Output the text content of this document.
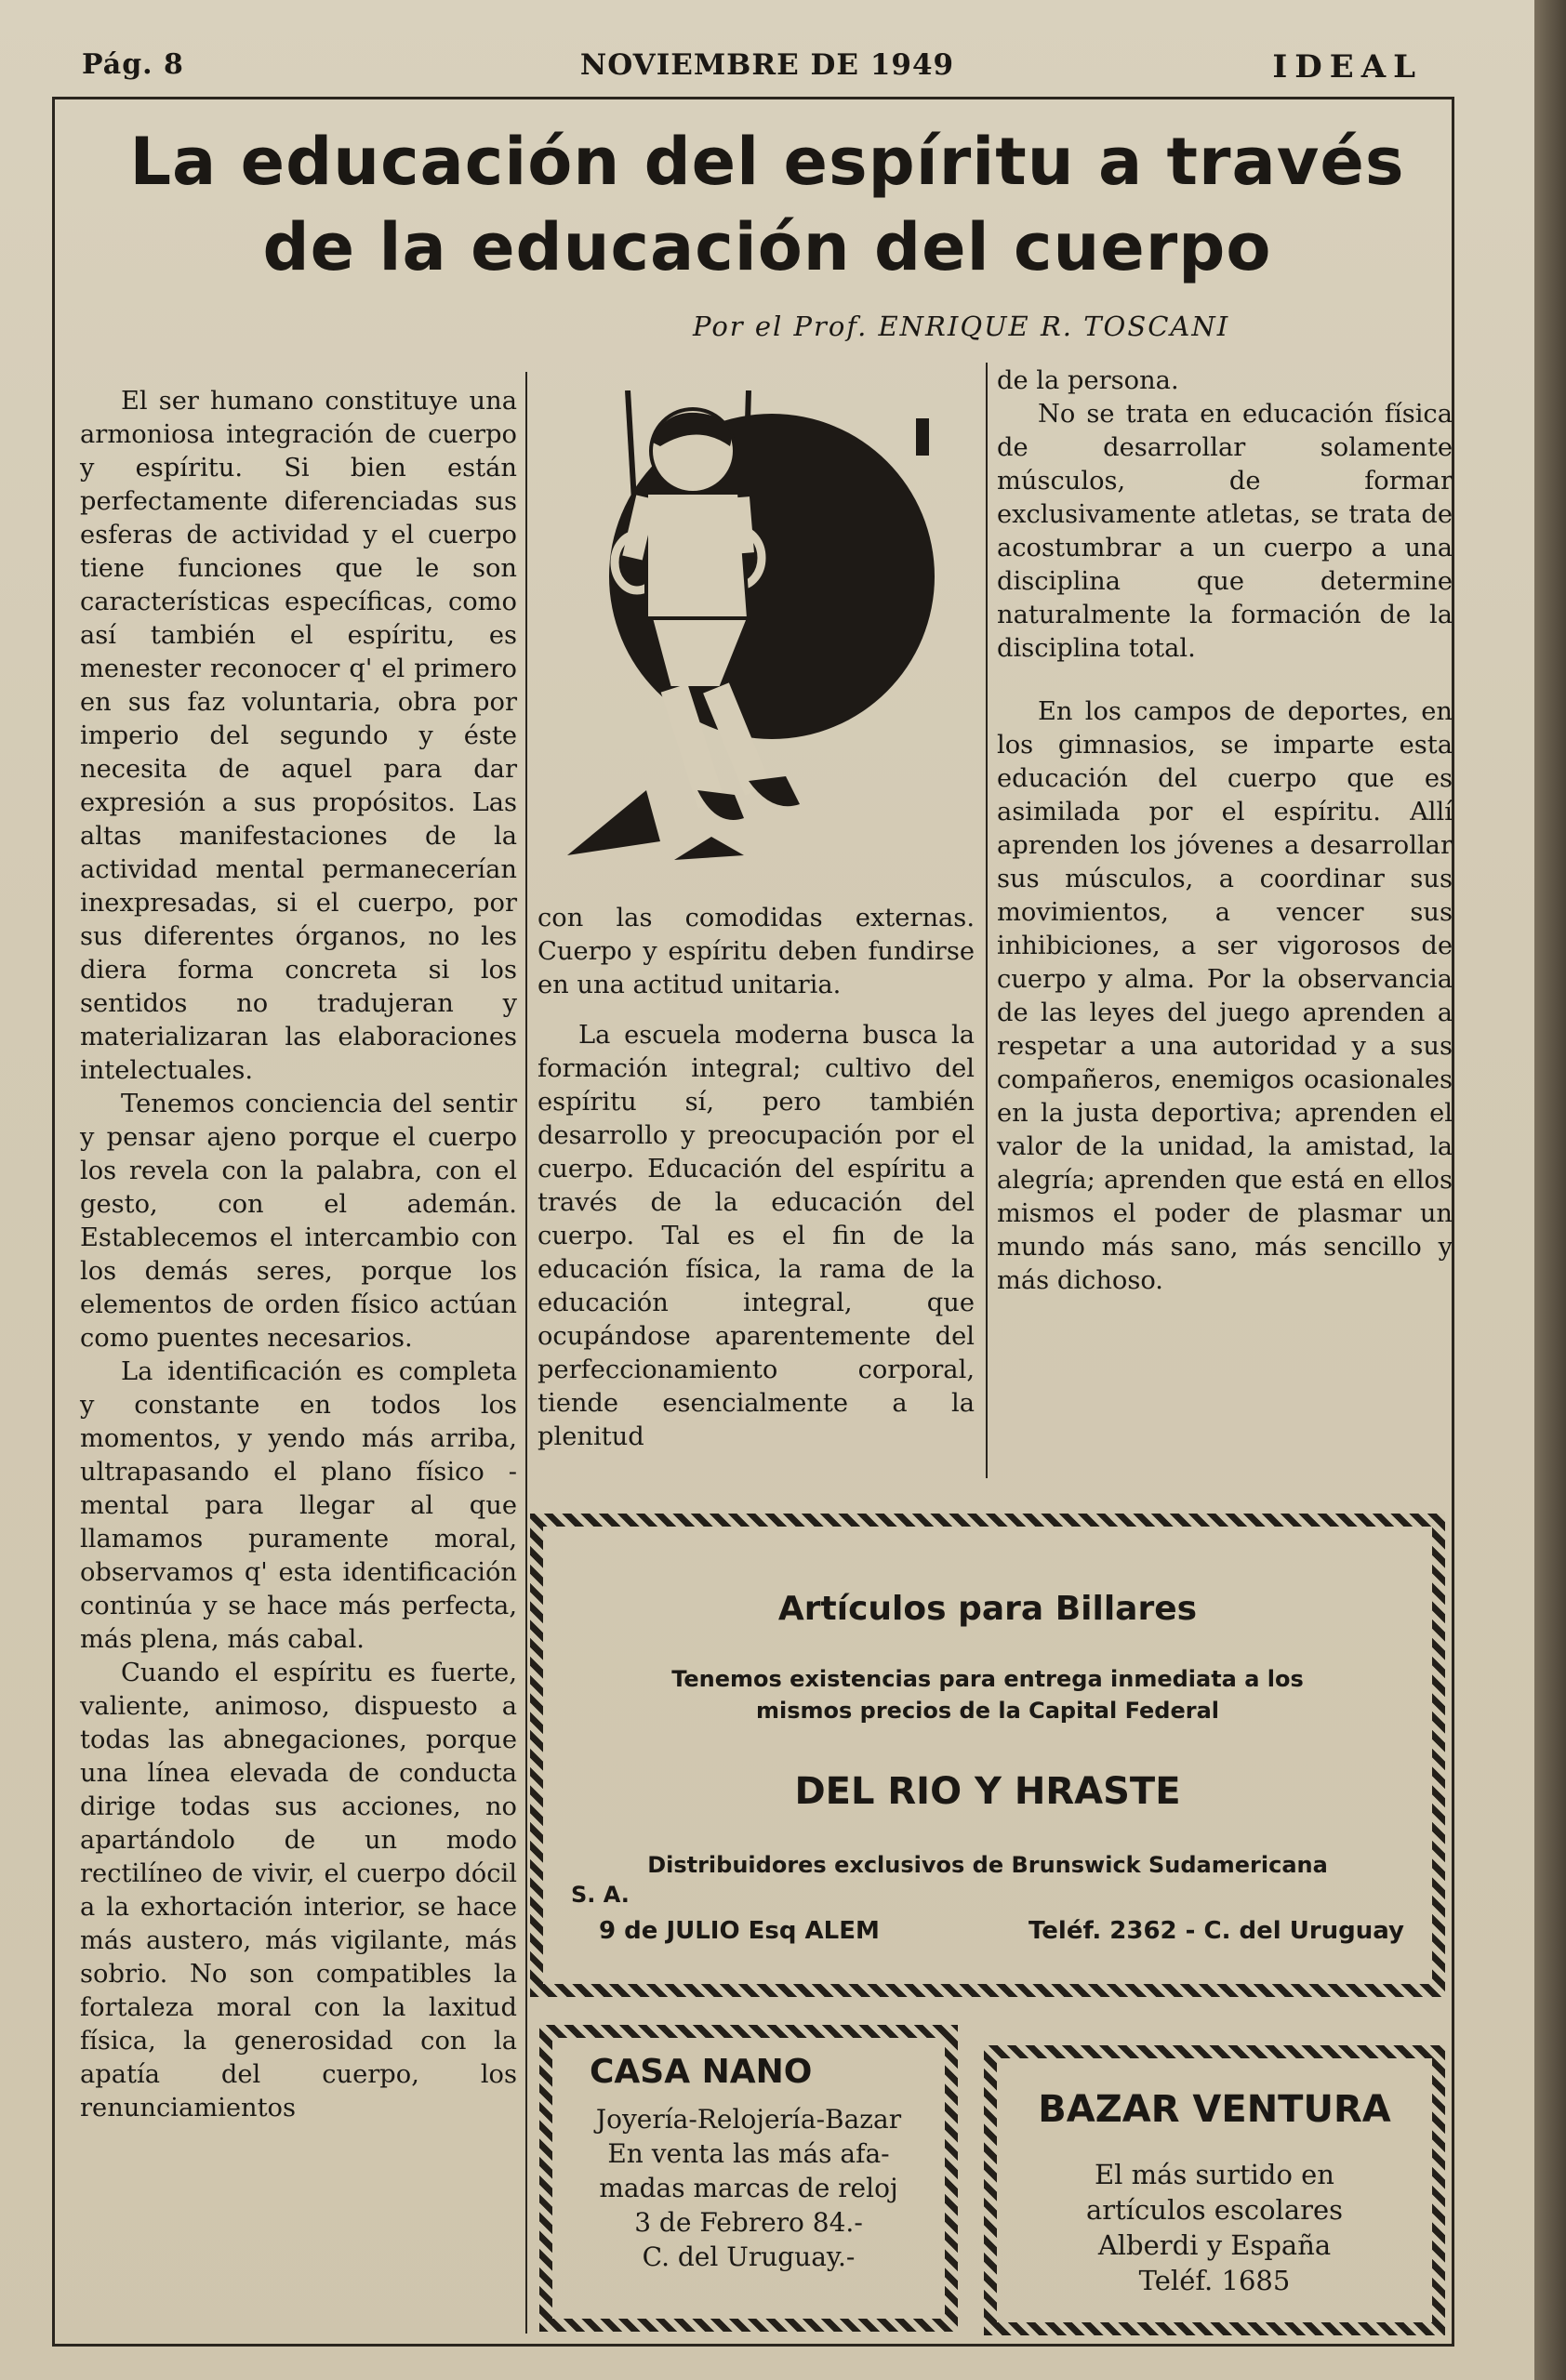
Pág. 8	NOVIEMBRE DE 1949	IDEAL
La educación del espíritu a través
de la educación del cuerpo
Por el Prof. ENRIQUE R. TOSCANI

El ser humano constituye una armoniosa integración de cuerpo y espíritu. Si bien están perfectamente diferenciadas sus esferas de actividad y el cuerpo tiene funciones que le son características específicas, como así también el espíritu, es menester reconocer q' el primero en sus faz voluntaria, obra por imperio del segundo y éste necesita de aquel para dar expresión a sus propósitos. Las altas manifestaciones de la actividad mental permanecerían inexpresadas, si el cuerpo, por sus diferentes órganos, no les diera forma concreta si los sentidos no tradujeran y materializaran las elaboraciones intelectuales.

Tenemos conciencia del sentir y pensar ajeno porque el cuerpo los revela con la palabra, con el gesto, con el ademán. Establecemos el intercambio con los demás seres, porque los elementos de orden físico actúan como puentes necesarios.

La identificación es completa y constante en todos los momentos, y yendo más arriba, ultrapasando el plano físico - mental para llegar al que llamamos puramente moral, observamos q' esta identificación continúa y se hace más perfecta, más plena, más cabal.

Cuando el espíritu es fuerte, valiente, animoso, dispuesto a todas las abnegaciones, porque una línea elevada de conducta dirige todas sus acciones, no apartándolo de un modo rectilíneo de vivir, el cuerpo dócil a la exhortación interior, se hace más austero, más vigilante, más sobrio. No son compatibles la fortaleza moral con la laxitud física, la generosidad con la apatía del cuerpo, los renunciamientos

con las comodidas externas. Cuerpo y espíritu deben fundirse en una actitud unitaria.

La escuela moderna busca la formación integral; cultivo del espíritu sí, pero también desarrollo y preocupación por el cuerpo. Educación del espíritu a través de la educación del cuerpo. Tal es el fin de la educación física, la rama de la educación integral, que ocupándose aparentemente del perfeccionamiento corporal, tiende esencialmente a la plenitud

de la persona.

No se trata en educación física de desarrollar solamente músculos, de formar exclusivamente atletas, se trata de acostumbrar a un cuerpo a una disciplina que determine naturalmente la formación de la disciplina total.

En los campos de deportes, en los gimnasios, se imparte esta educación del cuerpo que es asimilada por el espíritu. Allí aprenden los jóvenes a desarrollar sus músculos, a coordinar sus movimientos, a vencer sus inhibiciones, a ser vigorosos de cuerpo y alma. Por la observancia de las leyes del juego aprenden a respetar a una autoridad y a sus compañeros, enemigos ocasionales en la justa deportiva; aprenden el valor de la unidad, la amistad, la alegría; aprenden que está en ellos mismos el poder de plasmar un mundo más sano, más sencillo y más dichoso.

Artículos para Billares
Tenemos existencias para entrega inmediata a los
mismos precios de la Capital Federal
DEL RIO Y HRASTE
Distribuidores exclusivos de Brunswick Sudamericana
S. A.
9 de JULIO Esq ALEM	Teléf. 2362 - C. del Uruguay
CASA NANO
Joyería-Relojería-Bazar
En venta las más afa-
madas marcas de reloj
3 de Febrero 84.-
C. del Uruguay.-
BAZAR VENTURA
El más surtido en
artículos escolares
Alberdi y España
Teléf. 1685
